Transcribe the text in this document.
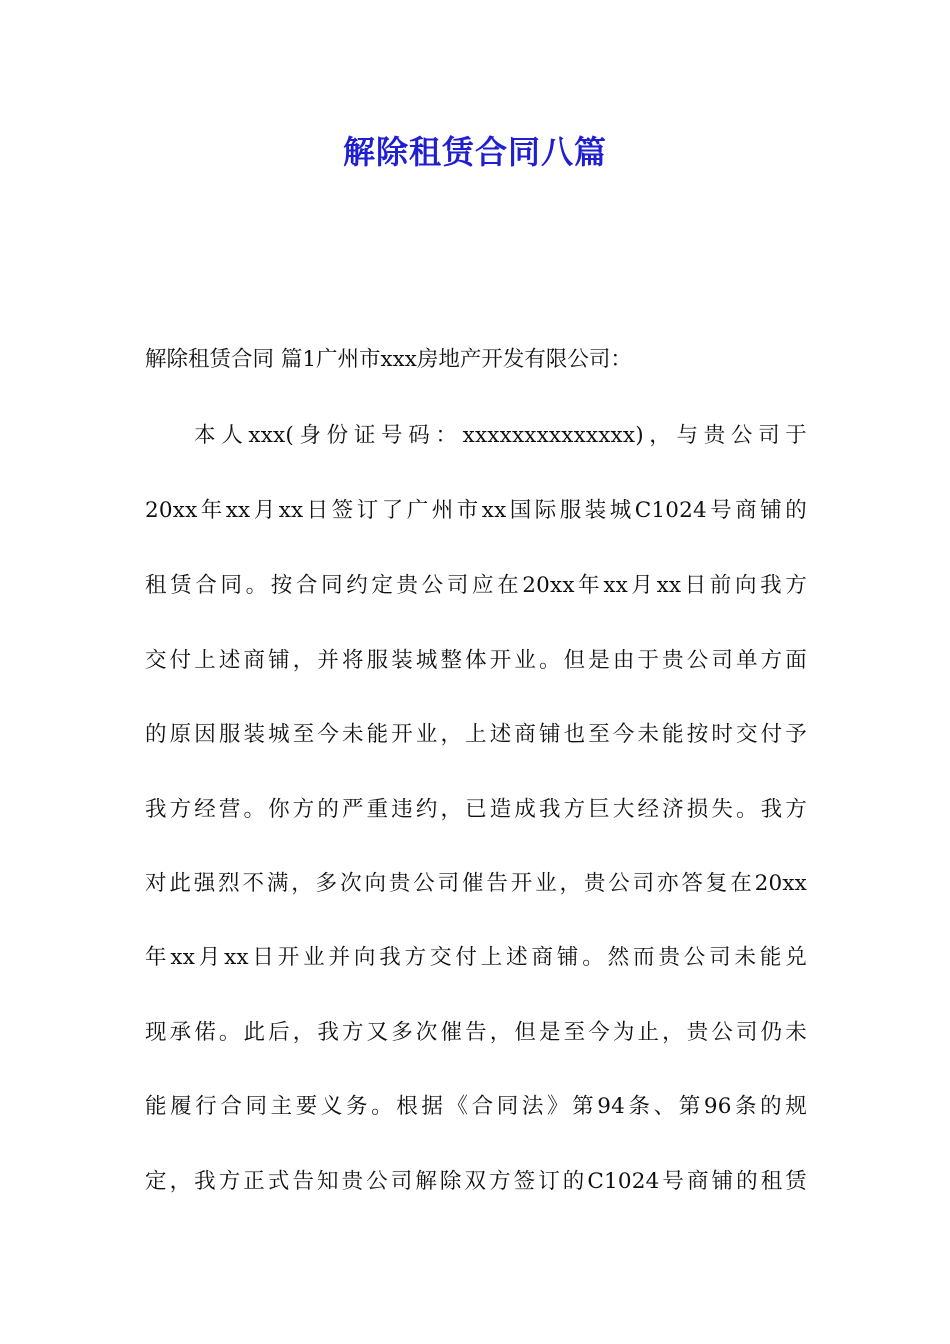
解除租赁合同八篇
解除租赁合同 篇1广州市xxx房地产开发有限公司：
本人xxx(身份证号码：xxxxxxxxxxxxxx)，与贵公司于
20xx年xx月xx日签订了广州市xx国际服装城C1024号商铺的
租赁合同。按合同约定贵公司应在20xx年xx月xx日前向我方
交付上述商铺，并将服装城整体开业。但是由于贵公司单方面
的原因服装城至今未能开业，上述商铺也至今未能按时交付予
我方经营。你方的严重违约，已造成我方巨大经济损失。我方
对此强烈不满，多次向贵公司催告开业，贵公司亦答复在20xx
年xx月xx日开业并向我方交付上述商铺。然而贵公司未能兑
现承偌。此后，我方又多次催告，但是至今为止，贵公司仍未
能履行合同主要义务。根据《合同法》第94条、第96条的规
定，我方正式告知贵公司解除双方签订的C1024号商铺的租赁
